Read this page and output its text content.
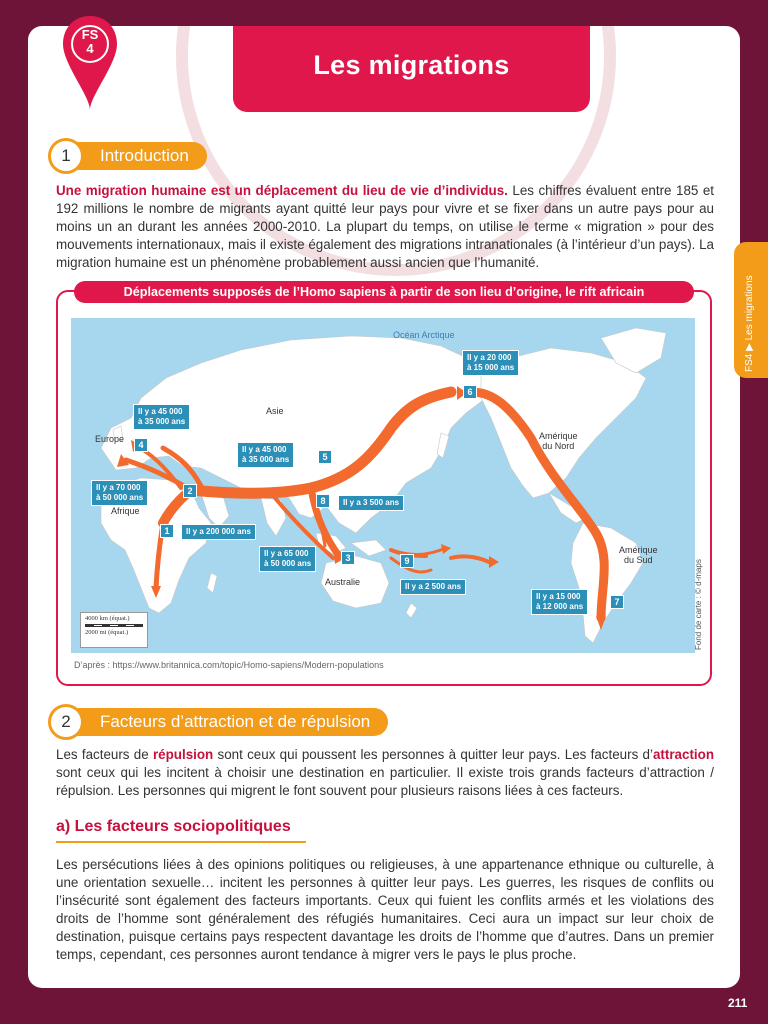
Les migrations
FS
4
FS4 ▶ Les migrations
1	Introduction
Une migration humaine est un déplacement du lieu de vie d’individus. Les chiffres évaluent entre 185 et 192 millions le nombre de migrants ayant quitté leur pays pour vivre et se fixer dans un autre pays pour au moins un an durant les années 2000-2010. La plupart du temps, on utilise le terme « migration » pour des mouvements internationaux, mais il existe également des migrations intranationales (à l’intérieur d’un pays). La migration humaine est un phénomène probablement aussi ancien que l’humanité.
Déplacements supposés de l’Homo sapiens à partir de son lieu d’origine, le rift africain
Océan Arctique
Asie
Europe
Afrique
Australie
Amérique
du Nord
Amérique
du Sud
1	Il y a 200 000 ans
2
Il y a 70 000
à 50 000 ans
3
Il y a 65 000
à 50 000 ans
4
Il y a 45 000
à 35 000 ans
5
Il y a 45 000
à 35 000 ans
6
Il y a 20 000
à 15 000 ans
7
Il y a 15 000
à 12 000 ans
8	Il y a 3 500 ans
9
Il y a 2 500 ans
4000 km (équat.)
2000 mi (équat.)	Fond de carte : © d-maps
D’après : https://www.britannica.com/topic/Homo-sapiens/Modern-populations
2	Facteurs d’attraction et de répulsion
Les facteurs de répulsion sont ceux qui poussent les personnes à quitter leur pays. Les facteurs d’attraction sont ceux qui les incitent à choisir une destination en particulier. Il existe trois grands facteurs d’attraction / répulsion. Les personnes qui migrent le font souvent pour plusieurs raisons liées à ces facteurs.
a) Les facteurs sociopolitiques
Les persécutions liées à des opinions politiques ou religieuses, à une appartenance ethnique ou culturelle, à une orientation sexuelle… incitent les personnes à quitter leur pays. Les guerres, les risques de conflits ou l’insécurité sont également des facteurs importants. Ceux qui fuient les conflits armés et les violations des droits de l’homme sont généralement des réfugiés humanitaires. Ceci aura un impact sur leur choix de destination, puisque certains pays respectent davantage les droits de l’homme que d’autres. Dans un premier temps, cependant, ces personnes auront tendance à migrer vers le pays le plus proche.
211
